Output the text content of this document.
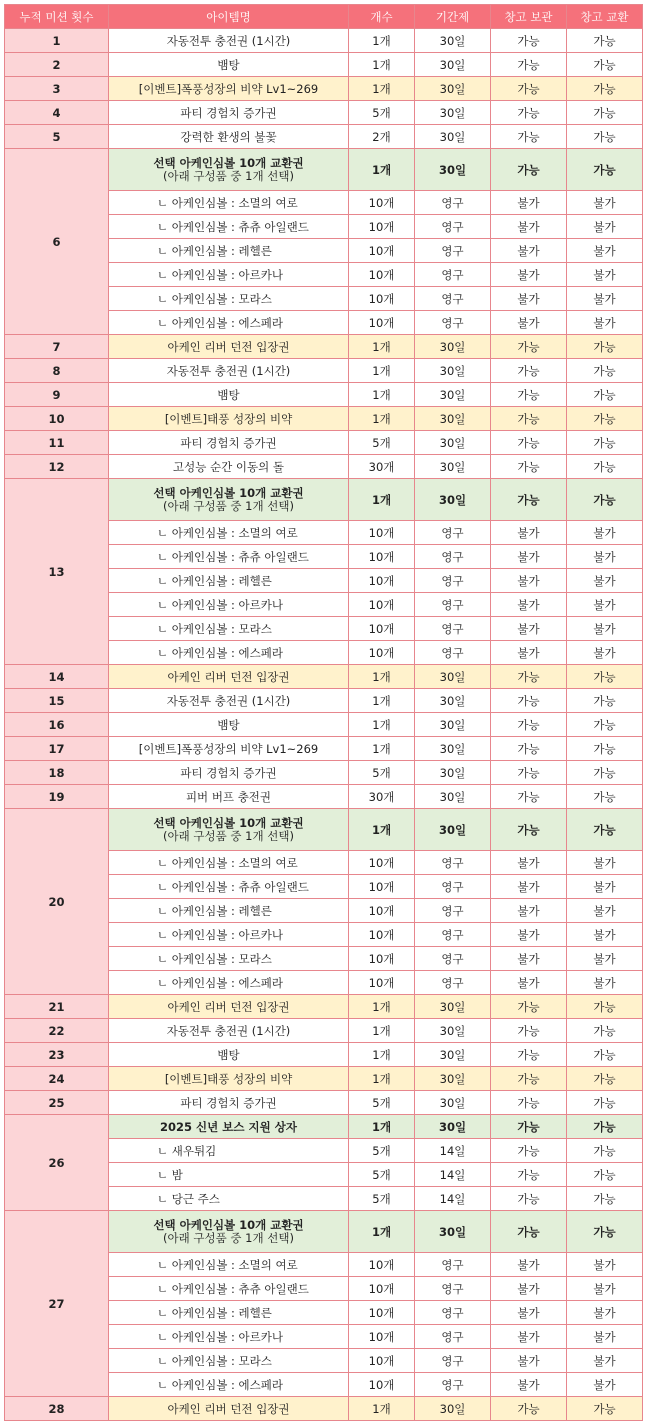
누적 미션 횟수	아이템명	개수	기간제	창고 보관	창고 교환
1	자동전투 충전권 (1시간)	1개	30일	가능	가능
2	뱀탕	1개	30일	가능	가능
3	[이벤트]폭풍성장의 비약 Lv1~269	1개	30일	가능	가능
4	파티 경험치 증가권	5개	30일	가능	가능
5	강력한 환생의 불꽃	2개	30일	가능	가능
6	선택 아케인심볼 10개 교환권
(아래 구성품 중 1개 선택)	1개	30일	가능	가능
	ㄴ 아케인심볼 : 소멸의 여로	10개	영구	불가	불가
	ㄴ 아케인심볼 : 츄츄 아일랜드	10개	영구	불가	불가
	ㄴ 아케인심볼 : 레헬른	10개	영구	불가	불가
	ㄴ 아케인심볼 : 아르카나	10개	영구	불가	불가
	ㄴ 아케인심볼 : 모라스	10개	영구	불가	불가
	ㄴ 아케인심볼 : 에스페라	10개	영구	불가	불가
7	아케인 리버 던전 입장권	1개	30일	가능	가능
8	자동전투 충전권 (1시간)	1개	30일	가능	가능
9	뱀탕	1개	30일	가능	가능
10	[이벤트]태풍 성장의 비약	1개	30일	가능	가능
11	파티 경험치 증가권	5개	30일	가능	가능
12	고성능 순간 이동의 돌	30개	30일	가능	가능
13	선택 아케인심볼 10개 교환권
(아래 구성품 중 1개 선택)	1개	30일	가능	가능
	ㄴ 아케인심볼 : 소멸의 여로	10개	영구	불가	불가
	ㄴ 아케인심볼 : 츄츄 아일랜드	10개	영구	불가	불가
	ㄴ 아케인심볼 : 레헬른	10개	영구	불가	불가
	ㄴ 아케인심볼 : 아르카나	10개	영구	불가	불가
	ㄴ 아케인심볼 : 모라스	10개	영구	불가	불가
	ㄴ 아케인심볼 : 에스페라	10개	영구	불가	불가
14	아케인 리버 던전 입장권	1개	30일	가능	가능
15	자동전투 충전권 (1시간)	1개	30일	가능	가능
16	뱀탕	1개	30일	가능	가능
17	[이벤트]폭풍성장의 비약 Lv1~269	1개	30일	가능	가능
18	파티 경험치 증가권	5개	30일	가능	가능
19	피버 버프 충전권	30개	30일	가능	가능
20	선택 아케인심볼 10개 교환권
(아래 구성품 중 1개 선택)	1개	30일	가능	가능
	ㄴ 아케인심볼 : 소멸의 여로	10개	영구	불가	불가
	ㄴ 아케인심볼 : 츄츄 아일랜드	10개	영구	불가	불가
	ㄴ 아케인심볼 : 레헬른	10개	영구	불가	불가
	ㄴ 아케인심볼 : 아르카나	10개	영구	불가	불가
	ㄴ 아케인심볼 : 모라스	10개	영구	불가	불가
	ㄴ 아케인심볼 : 에스페라	10개	영구	불가	불가
21	아케인 리버 던전 입장권	1개	30일	가능	가능
22	자동전투 충전권 (1시간)	1개	30일	가능	가능
23	뱀탕	1개	30일	가능	가능
24	[이벤트]태풍 성장의 비약	1개	30일	가능	가능
25	파티 경험치 증가권	5개	30일	가능	가능
26	2025 신년 보스 지원 상자	1개	30일	가능	가능
	ㄴ 새우튀김	5개	14일	가능	가능
	ㄴ 밤	5개	14일	가능	가능
	ㄴ 당근 주스	5개	14일	가능	가능
27	선택 아케인심볼 10개 교환권
(아래 구성품 중 1개 선택)	1개	30일	가능	가능
	ㄴ 아케인심볼 : 소멸의 여로	10개	영구	불가	불가
	ㄴ 아케인심볼 : 츄츄 아일랜드	10개	영구	불가	불가
	ㄴ 아케인심볼 : 레헬른	10개	영구	불가	불가
	ㄴ 아케인심볼 : 아르카나	10개	영구	불가	불가
	ㄴ 아케인심볼 : 모라스	10개	영구	불가	불가
	ㄴ 아케인심볼 : 에스페라	10개	영구	불가	불가
28	아케인 리버 던전 입장권	1개	30일	가능	가능
